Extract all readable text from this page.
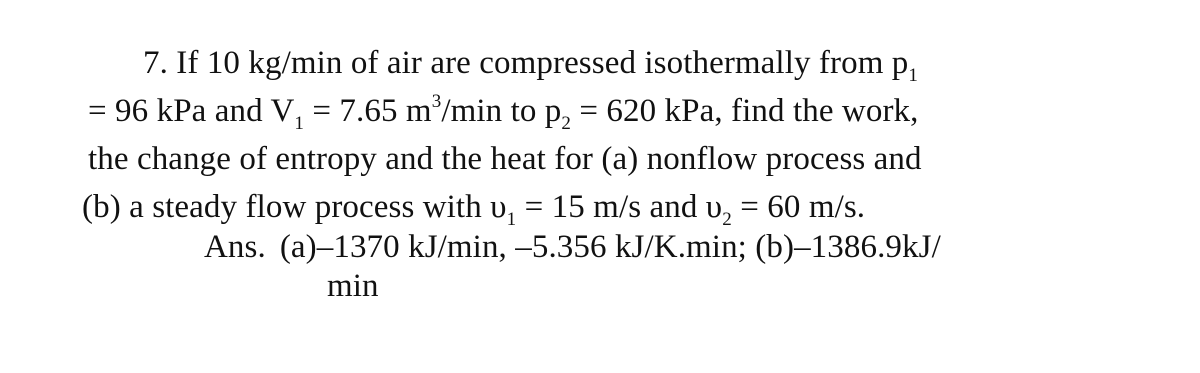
7. If 10 kg/min of air are compressed isothermally from $p_1$
= 96 kPa and $V_1 = 7.65$ $m^3/\min$ to $p_2 = 620$ kPa, find the work,
the change of entropy and the heat for (a) nonflow process and
(b) a steady flow process with $\upsilon_1 = 15$ m/s and $\upsilon_2 = 60$ m/s.
Ans. (a)–1370 kJ/min, –5.356 kJ/K.min; (b)–1386.9kJ/
min
